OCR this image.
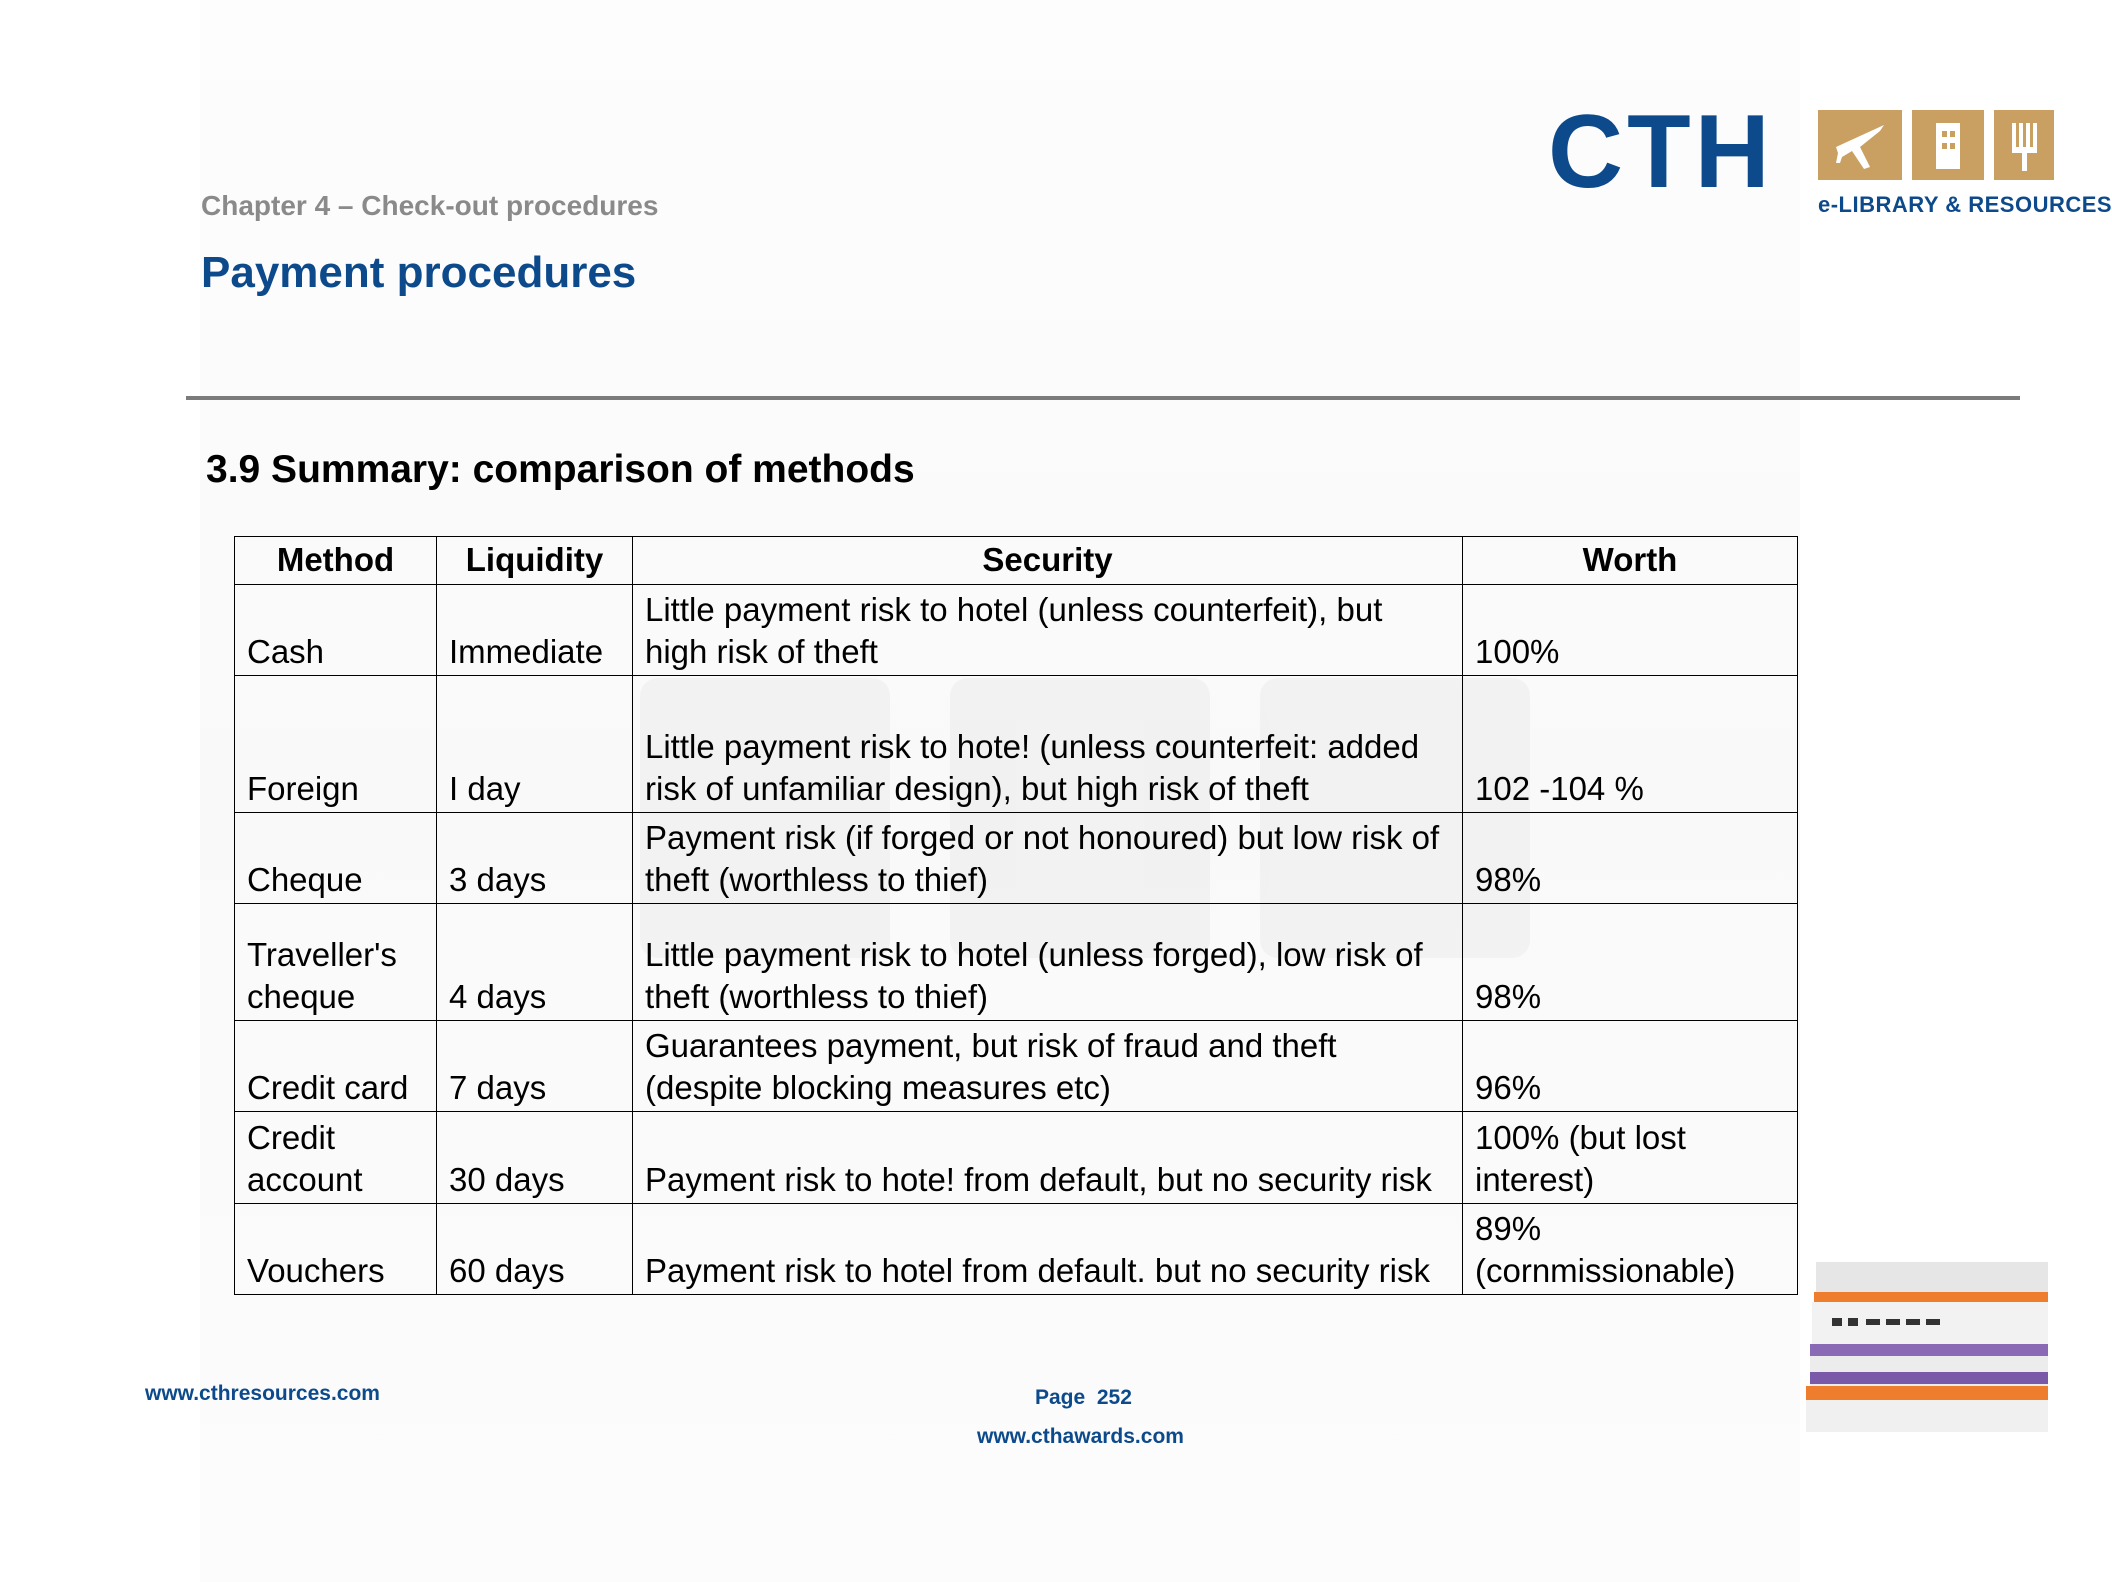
Chapter 4 – Check-out procedures
Payment procedures
CTH e-LIBRARY & RESOURCES
3.9 Summary: comparison of methods
Method	Liquidity	Security	Worth
Cash	Immediate	Little payment risk to hotel (unless counterfeit), but high risk of theft	100%
Foreign	I day	Little payment risk to hote! (unless counterfeit: added risk of unfamiliar design), but high risk of theft	102 -104 %
Cheque	3 days	Payment risk (if forged or not honoured) but low risk of theft (worthless to thief)	98%
Traveller's cheque	4 days	Little payment risk to hotel (unless forged), low risk of theft (worthless to thief)	98%
Credit card	7 days	Guarantees payment, but risk of fraud and theft (despite blocking measures etc)	96%
Credit account	30 days	Payment risk to hote! from default, but no security risk	100% (but lost interest)
Vouchers	60 days	Payment risk to hotel from default. but no security risk	89% (cornmissionable)
www.cthresources.com	Page 252
www.cthawards.com
